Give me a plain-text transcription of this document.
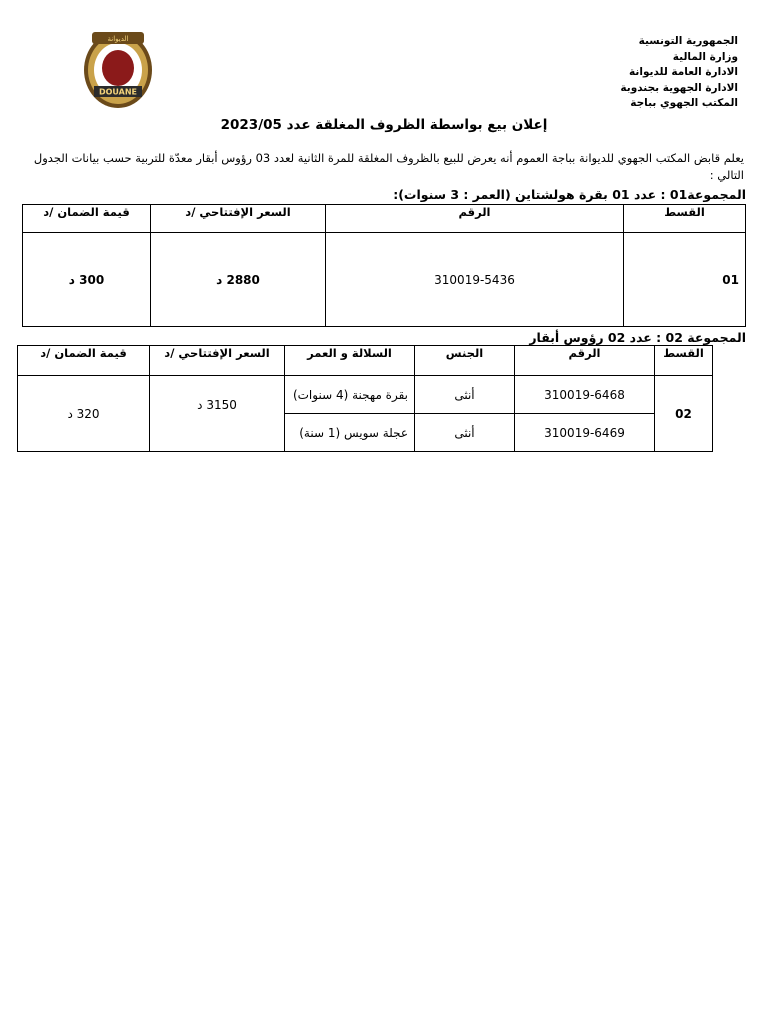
الجمهورية التونسية
وزارة المالية
الادارة العامة للديوانة
الادارة الجهوية بجندوبة
المكتب الجهوي بباجة
DOUANE
الديوانة
إعلان بيع بواسطة الظروف المغلقة عدد 2023/05
يعلم قابض المكتب الجهوي للديوانة بباجة العموم أنه يعرض للبيع بالظروف المغلقة للمرة الثانية لعدد 03 رؤوس أبقار معدّة للتربية حسب بيانات الجدول التالي :
المجموعة01 : عدد 01 بقرة هولشتاين (العمر : 3 سنوات):
القسط	الرقم	السعر الإفتتاحي /د	قيمة الضمان /د
01	310019-5436	2880 د	300 د
المجموعة 02 : عدد 02 رؤوس أبقار
القسط	الرقم	الجنس	السلالة و العمر	السعر الإفتتاحي /د	قيمة الضمان /د
02	310019-6468	أنثى	بقرة مهجنة (4 سنوات)	3150 د	320 د
	310019-6469	أنثى	عجلة سويس (1 سنة)		
